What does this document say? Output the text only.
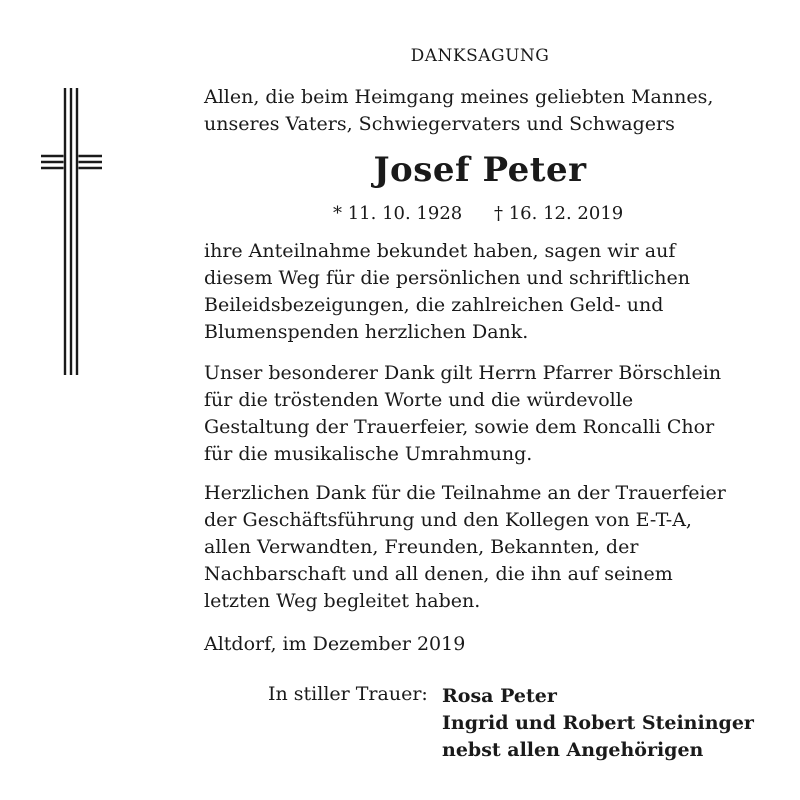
DANKSAGUNG
Allen, die beim Heimgang meines geliebten Mannes,
unseres Vaters, Schwiegervaters und Schwagers
Josef Peter
* 11. 10. 1928 † 16. 12. 2019
ihre Anteilnahme bekundet haben, sagen wir auf
diesem Weg für die persönlichen und schriftlichen
Beileidsbezeigungen, die zahlreichen Geld- und
Blumenspenden herzlichen Dank.
Unser besonderer Dank gilt Herrn Pfarrer Börschlein
für die tröstenden Worte und die würdevolle
Gestaltung der Trauerfeier, sowie dem Roncalli Chor
für die musikalische Umrahmung.
Herzlichen Dank für die Teilnahme an der Trauerfeier
der Geschäftsführung und den Kollegen von E-T-A,
allen Verwandten, Freunden, Bekannten, der
Nachbarschaft und all denen, die ihn auf seinem
letzten Weg begleitet haben.
Altdorf, im Dezember 2019
In stiller Trauer: Rosa Peter
Ingrid und Robert Steininger
nebst allen Angehörigen
